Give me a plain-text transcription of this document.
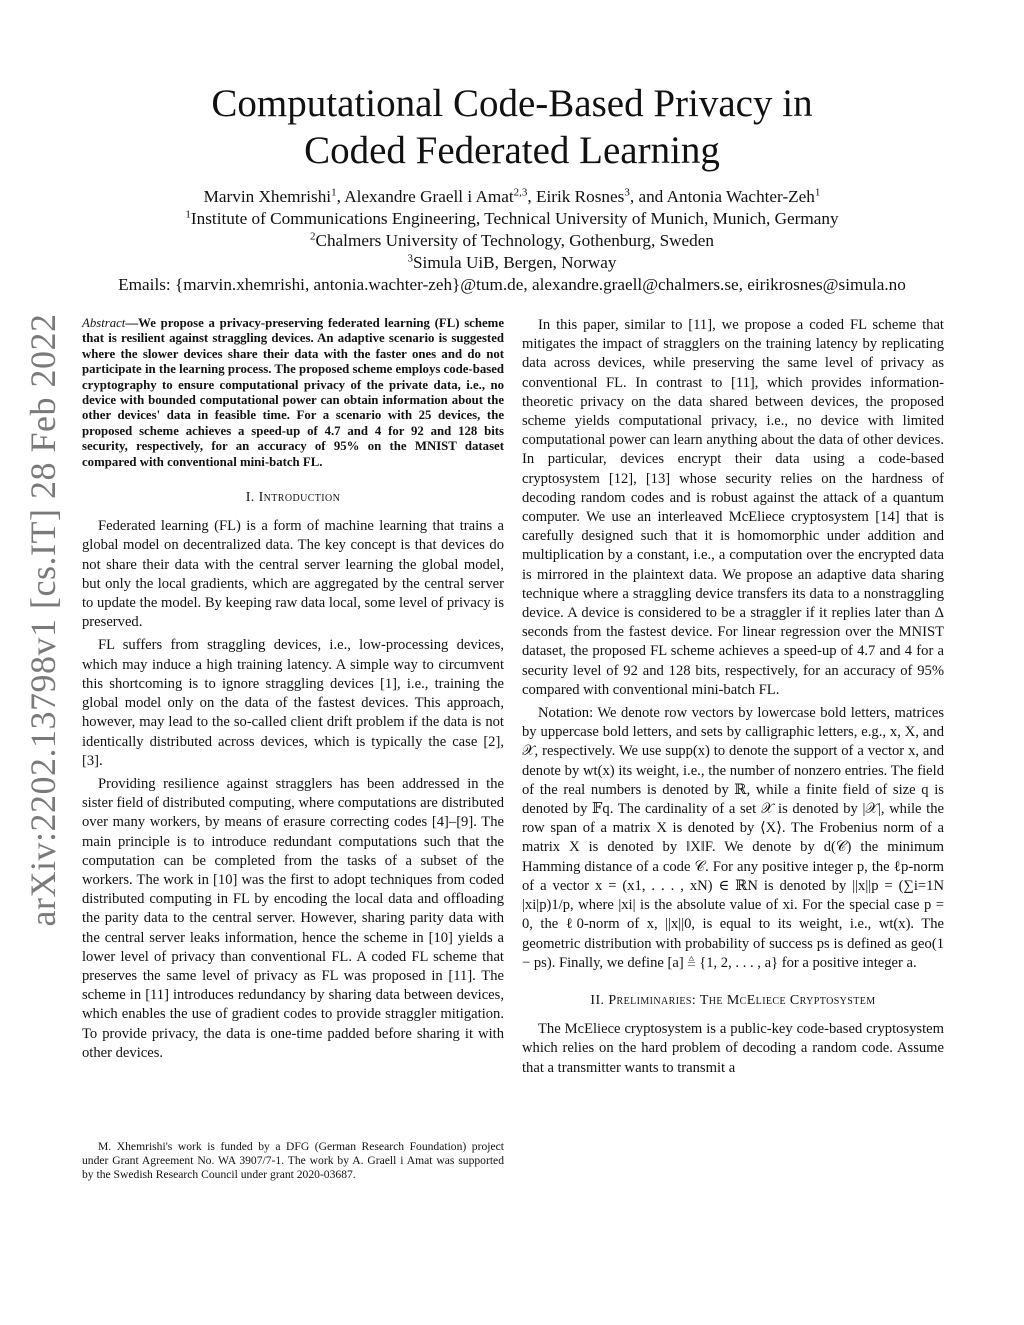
arXiv:2202.13798v1 [cs.IT] 28 Feb 2022
Computational Code-Based Privacy in
Coded Federated Learning
Marvin Xhemrishi$^1$, Alexandre Graell i Amat$^{2,3}$, Eirik Rosnes$^3$, and Antonia Wachter-Zeh$^1$
$^1$Institute of Communications Engineering, Technical University of Munich, Munich, Germany
$^2$Chalmers University of Technology, Gothenburg, Sweden
$^3$Simula UiB, Bergen, Norway
Emails: {marvin.xhemrishi, antonia.wachter-zeh}@tum.de, alexandre.graell@chalmers.se, eirikrosnes@simula.no

Abstract—We propose a privacy-preserving federated learning (FL) scheme that is resilient against straggling devices. An adaptive scenario is suggested where the slower devices share their data with the faster ones and do not participate in the learning process. The proposed scheme employs code-based cryptography to ensure computational privacy of the private data, i.e., no device with bounded computational power can obtain information about the other devices' data in feasible time. For a scenario with 25 devices, the proposed scheme achieves a speed-up of 4.7 and 4 for 92 and 128 bits security, respectively, for an accuracy of 95% on the MNIST dataset compared with conventional mini-batch FL.

I. Introduction

Federated learning (FL) is a form of machine learning that trains a global model on decentralized data. The key concept is that devices do not share their data with the central server learning the global model, but only the local gradients, which are aggregated by the central server to update the model. By keeping raw data local, some level of privacy is preserved.

FL suffers from straggling devices, i.e., low-processing devices, which may induce a high training latency. A simple way to circumvent this shortcoming is to ignore straggling devices [1], i.e., training the global model only on the data of the fastest devices. This approach, however, may lead to the so-called client drift problem if the data is not identically distributed across devices, which is typically the case [2], [3].

Providing resilience against stragglers has been addressed in the sister field of distributed computing, where computations are distributed over many workers, by means of erasure correcting codes [4]–[9]. The main principle is to introduce redundant computations such that the computation can be completed from the tasks of a subset of the workers. The work in [10] was the first to adopt techniques from coded distributed computing in FL by encoding the local data and offloading the parity data to the central server. However, sharing parity data with the central server leaks information, hence the scheme in [10] yields a lower level of privacy than conventional FL. A coded FL scheme that preserves the same level of privacy as FL was proposed in [11]. The scheme in [11] introduces redundancy by sharing data between devices, which enables the use of gradient codes to provide straggler mitigation. To provide privacy, the data is one-time padded before sharing it with other devices.

M. Xhemrishi's work is funded by a DFG (German Research Foundation) project under Grant Agreement No. WA 3907/7-1. The work by A. Graell i Amat was supported by the Swedish Research Council under grant 2020-03687.

In this paper, similar to [11], we propose a coded FL scheme that mitigates the impact of stragglers on the training latency by replicating data across devices, while preserving the same level of privacy as conventional FL. In contrast to [11], which provides information-theoretic privacy on the data shared between devices, the proposed scheme yields computational privacy, i.e., no device with limited computational power can learn anything about the data of other devices. In particular, devices encrypt their data using a code-based cryptosystem [12], [13] whose security relies on the hardness of decoding random codes and is robust against the attack of a quantum computer. We use an interleaved McEliece cryptosystem [14] that is carefully designed such that it is homomorphic under addition and multiplication by a constant, i.e., a computation over the encrypted data is mirrored in the plaintext data. We propose an adaptive data sharing technique where a straggling device transfers its data to a nonstraggling device. A device is considered to be a straggler if it replies later than Δ seconds from the fastest device. For linear regression over the MNIST dataset, the proposed FL scheme achieves a speed-up of 4.7 and 4 for a security level of 92 and 128 bits, respectively, for an accuracy of 95% compared with conventional mini-batch FL.

Notation: We denote row vectors by lowercase bold letters, matrices by uppercase bold letters, and sets by calligraphic letters, e.g., x, X, and 𝒳, respectively. We use supp(x) to denote the support of a vector x, and denote by wt(x) its weight, i.e., the number of nonzero entries. The field of the real numbers is denoted by ℝ, while a finite field of size q is denoted by 𝔽q. The cardinality of a set 𝒳 is denoted by |𝒳|, while the row span of a matrix X is denoted by ⟨X⟩. The Frobenius norm of a matrix X is denoted by ‖X‖F. We denote by d(𝒞) the minimum Hamming distance of a code 𝒞. For any positive integer p, the ℓp-norm of a vector x = (x1, . . . , xN) ∈ ℝN is denoted by ||x||p = (∑i=1N |xi|p)1/p, where |xi| is the absolute value of xi. For the special case p = 0, the ℓ0-norm of x, ||x||0, is equal to its weight, i.e., wt(x). The geometric distribution with probability of success ps is defined as geo(1 − ps). Finally, we define [a] ≜ {1, 2, . . . , a} for a positive integer a.

II. Preliminaries: The McEliece Cryptosystem

The McEliece cryptosystem is a public-key code-based cryptosystem which relies on the hard problem of decoding a random code. Assume that a transmitter wants to transmit a
